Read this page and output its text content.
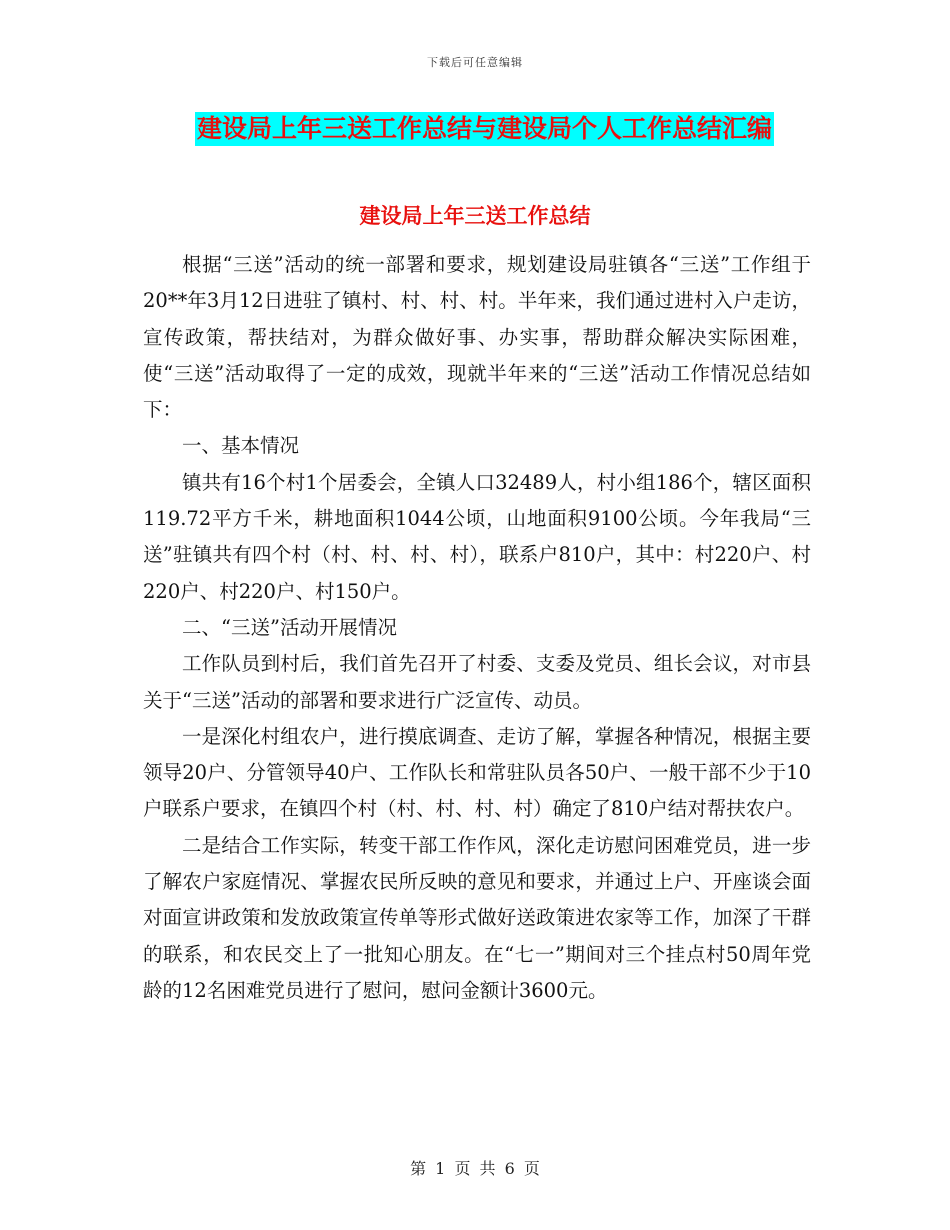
下载后可任意编辑
建设局上年三送工作总结与建设局个人工作总结汇编
建设局上年三送工作总结

根据“三送”活动的统一部署和要求，规划建设局驻镇各“三送”工作组于20**年3月12日进驻了镇村、村、村、村。半年来，我们通过进村入户走访，宣传政策，帮扶结对，为群众做好事、办实事，帮助群众解决实际困难，使“三送”活动取得了一定的成效，现就半年来的“三送”活动工作情况总结如下：

一、基本情况

镇共有16个村1个居委会，全镇人口32489人，村小组186个，辖区面积119.72平方千米，耕地面积1044公顷，山地面积9100公顷。今年我局“三送”驻镇共有四个村（村、村、村、村），联系户810户，其中：村220户、村220户、村220户、村150户。

二、“三送”活动开展情况

工作队员到村后，我们首先召开了村委、支委及党员、组长会议，对市县关于“三送”活动的部署和要求进行广泛宣传、动员。

一是深化村组农户，进行摸底调查、走访了解，掌握各种情况，根据主要领导20户、分管领导40户、工作队长和常驻队员各50户、一般干部不少于10户联系户要求，在镇四个村（村、村、村、村）确定了810户结对帮扶农户。

二是结合工作实际，转变干部工作作风，深化走访慰问困难党员，进一步了解农户家庭情况、掌握农民所反映的意见和要求，并通过上户、开座谈会面对面宣讲政策和发放政策宣传单等形式做好送政策进农家等工作，加深了干群的联系，和农民交上了一批知心朋友。在“七一”期间对三个挂点村50周年党龄的12名困难党员进行了慰问，慰问金额计3600元。

第 1 页 共 6 页
